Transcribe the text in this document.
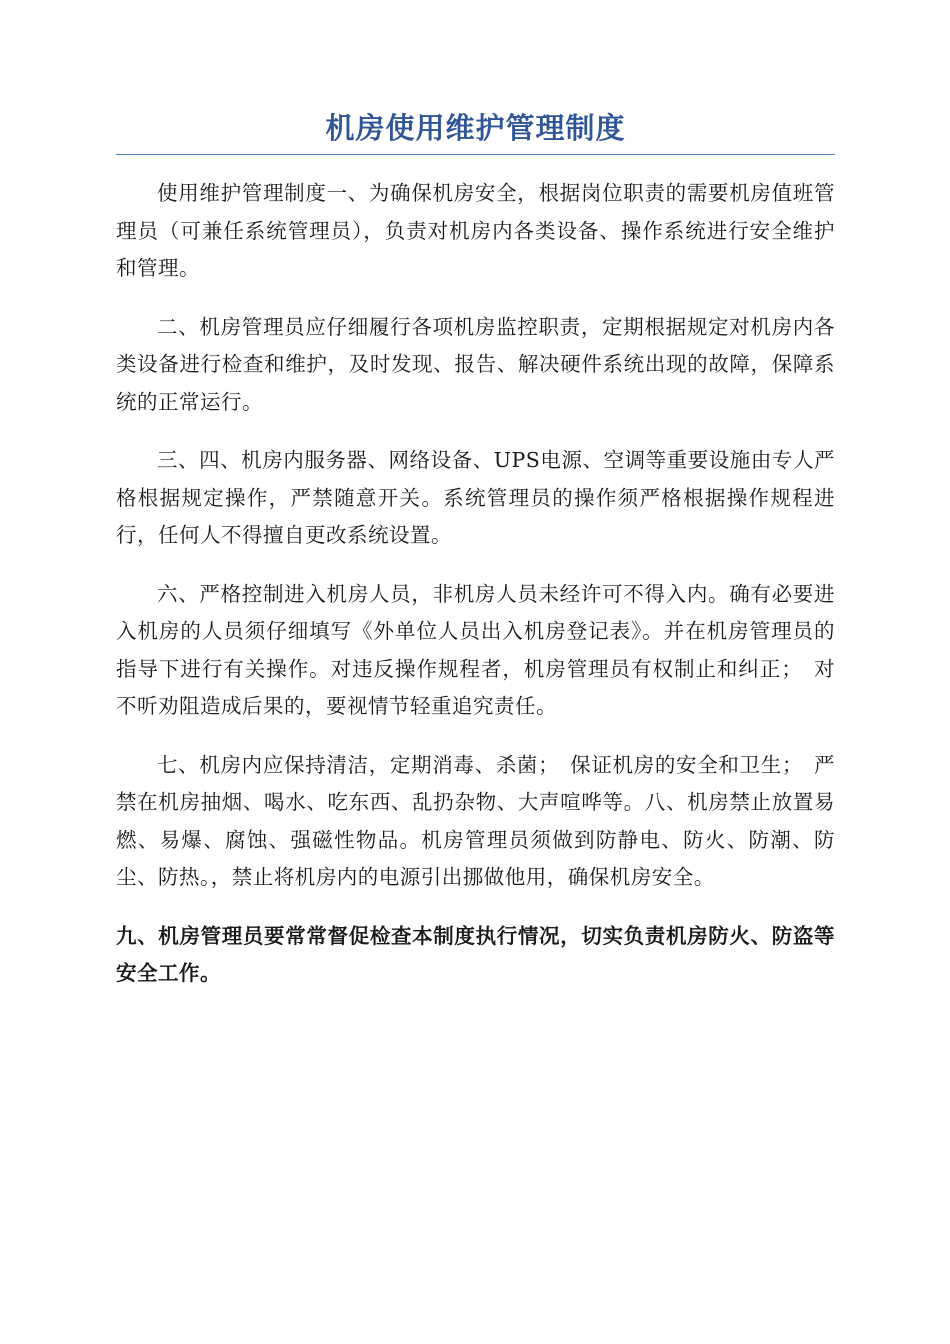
机房使用维护管理制度

使用维护管理制度一、为确保机房安全，根据岗位职责的需要机房值班管理员（可兼任系统管理员），负责对机房内各类设备、操作系统进行安全维护和管理。

二、机房管理员应仔细履行各项机房监控职责，定期根据规定对机房内各类设备进行检查和维护，及时发现、报告、解决硬件系统出现的故障，保障系统的正常运行。

三、四、机房内服务器、网络设备、UPS电源、空调等重要设施由专人严格根据规定操作，严禁随意开关。系统管理员的操作须严格根据操作规程进行，任何人不得擅自更改系统设置。

六、严格控制进入机房人员，非机房人员未经许可不得入内。确有必要进入机房的人员须仔细填写《外单位人员出入机房登记表》。并在机房管理员的指导下进行有关操作。对违反操作规程者，机房管理员有权制止和纠正；　对不听劝阻造成后果的，要视情节轻重追究责任。

七、机房内应保持清洁，定期消毒、杀菌；　保证机房的安全和卫生；　严禁在机房抽烟、喝水、吃东西、乱扔杂物、大声喧哗等。八、机房禁止放置易燃、易爆、腐蚀、强磁性物品。机房管理员须做到防静电、防火、防潮、防尘、防热。，禁止将机房内的电源引出挪做他用，确保机房安全。

九、机房管理员要常常督促检查本制度执行情况，切实负责机房防火、防盗等安全工作。
